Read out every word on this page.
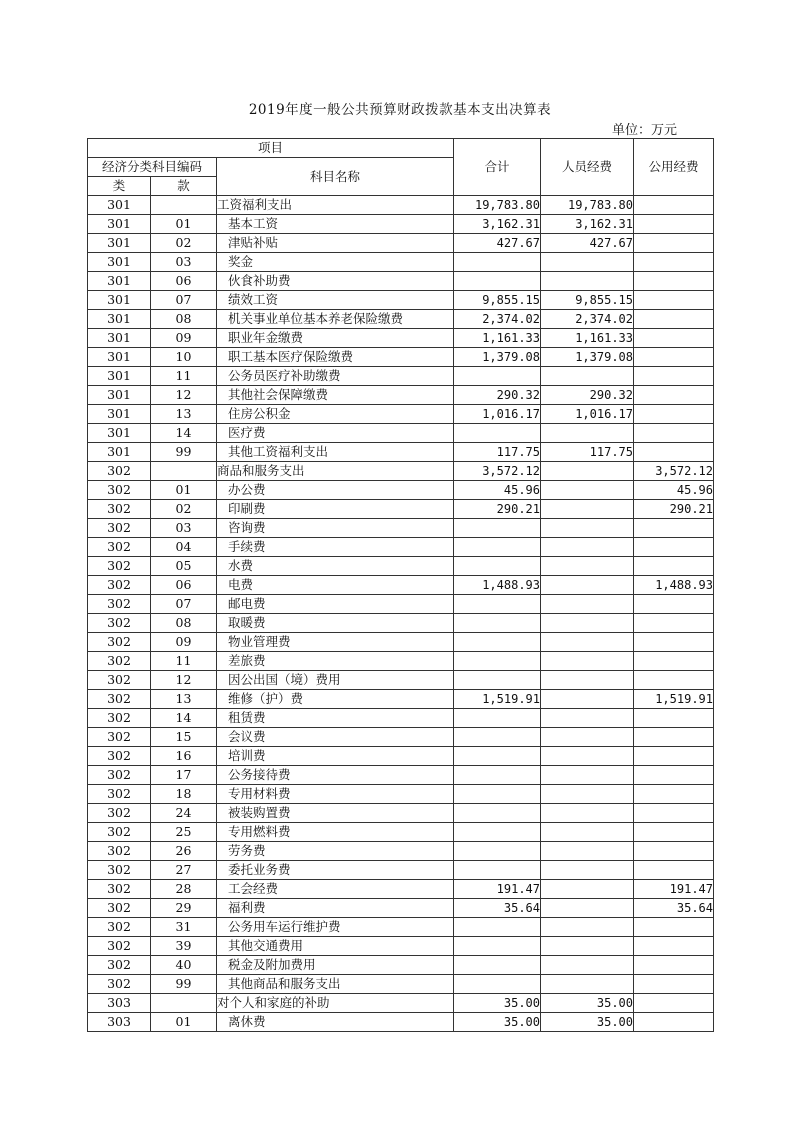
2019年度一般公共预算财政拨款基本支出决算表
单位：万元
项目			合计	人员经费	公用经费
经济分类科目编码		科目名称			
类	款				
301		工资福利支出	19,783.80	19,783.80	
301	01	基本工资	3,162.31	3,162.31	
301	02	津贴补贴	427.67	427.67	
301	03	奖金			
301	06	伙食补助费			
301	07	绩效工资	9,855.15	9,855.15	
301	08	机关事业单位基本养老保险缴费	2,374.02	2,374.02	
301	09	职业年金缴费	1,161.33	1,161.33	
301	10	职工基本医疗保险缴费	1,379.08	1,379.08	
301	11	公务员医疗补助缴费			
301	12	其他社会保障缴费	290.32	290.32	
301	13	住房公积金	1,016.17	1,016.17	
301	14	医疗费			
301	99	其他工资福利支出	117.75	117.75	
302		商品和服务支出	3,572.12		3,572.12
302	01	办公费	45.96		45.96
302	02	印刷费	290.21		290.21
302	03	咨询费			
302	04	手续费			
302	05	水费			
302	06	电费	1,488.93		1,488.93
302	07	邮电费			
302	08	取暖费			
302	09	物业管理费			
302	11	差旅费			
302	12	因公出国（境）费用			
302	13	维修（护）费	1,519.91		1,519.91
302	14	租赁费			
302	15	会议费			
302	16	培训费			
302	17	公务接待费			
302	18	专用材料费			
302	24	被装购置费			
302	25	专用燃料费			
302	26	劳务费			
302	27	委托业务费			
302	28	工会经费	191.47		191.47
302	29	福利费	35.64		35.64
302	31	公务用车运行维护费			
302	39	其他交通费用			
302	40	税金及附加费用			
302	99	其他商品和服务支出			
303		对个人和家庭的补助	35.00	35.00	
303	01	离休费	35.00	35.00	
